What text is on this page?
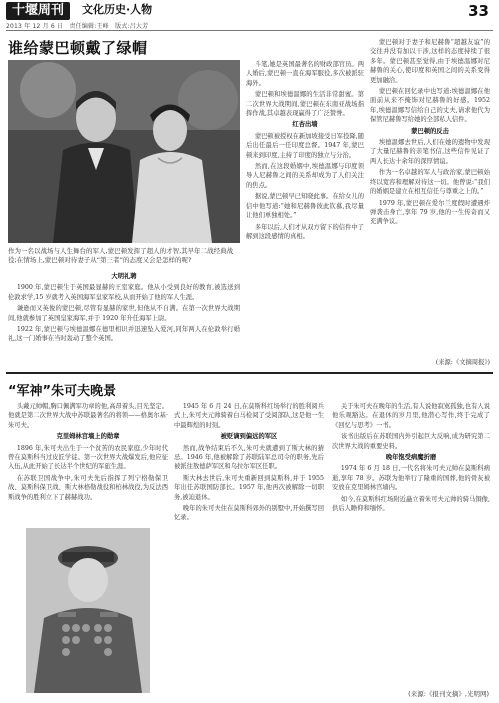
十堰周刊	文化历史·人物
2013 年 12 月 6 日　责任编辑:王峰　版式:吕大芳
33
谁给蒙巴顿戴了绿帽
作为一名以战场与人生舞台的军人,蒙巴顿发挥了超人的才智,其早年二战经典战役;在情场上,蒙巴顿对待妻子从“第三者”的态度又会是怎样的呢?
大明礼聘

1900 年,蒙巴顿生于英国最显赫的王室家庭。他从小受到良好的教育,被选送到伦敦求学,15 岁就考入英国海军皇家军校,从而开始了他的军人生涯。

谦逊而又英俊的蒙巴顿,尽管有显赫的家世,但他从不自满。在第一次世界大战期间,他就参加了英国皇家海军,并于 1920 年升任海军上尉。

1922 年,蒙巴顿与埃德温娜在德里相识并迅速坠入爱河,同年两人在伦敦举行婚礼,这一门婚事在当时轰动了整个英国。

斗笔,她是英国最著名的财政部官员。两人婚后,蒙巴顿一直在海军服役,多次被派驻海外。

蒙巴顿和埃德温娜的生活非常甜蜜。第二次世界大战期间,蒙巴顿在东南亚战场指挥作战,其卓越表现赢得了广泛赞誉。

红杏出墙

蒙巴顿被授权在新加坡接受日军投降,随后出任最后一任印度总督。1947 年,蒙巴顿来到印度,主持了印度的独立与分治。

然而,在这段婚姻中,埃德温娜与印度领导人尼赫鲁之间的关系却成为了人们关注的焦点。

据说,蒙巴顿早已知晓此事。在给女儿的信中他写道:“她和尼赫鲁彼此钦慕,我尽量让他们单独相处。”

多年以后,人们才从双方留下的信件中了解到这段感情的真相。

蒙巴顿对于妻子和尼赫鲁“超越友谊”的交往并没有加以干涉,这样的态度持续了很多年。蒙巴顿甚至觉得,由于埃德温娜对尼赫鲁的关心,使印度和英国之间的关系变得更加融洽。

蒙巴顿在回忆录中也写道:埃德温娜在他面前从来不掩饰对尼赫鲁的好感。1952 年,埃德温娜写信给自己的丈夫,请求他代为保管尼赫鲁写给她的全部私人信件。

蒙巴顿的反击

埃德温娜去世后,人们在她的遗物中发现了大量尼赫鲁的亲笔书信,这些信件见证了两人长达十余年的深厚情谊。

作为一名卓越的军人与政治家,蒙巴顿始终以宽容和理解对待这一切。他曾说:“我们的婚姻是建立在相互信任与尊重之上的。”

1979 年,蒙巴顿在爱尔兰度假时遭遇炸弹袭击身亡,享年 79 岁,他的一生传奇而又充满争议。

(来源:《文摘周报》)
“军神”朱可夫晚景

头戴元帅帽,胸口佩满军功章的他,高昂着头,目光坚定。他就是第二次世界大战中苏联最著名的将领——格奥尔基·朱可夫。

克里姆林宫墙上的勋章

1896 年,朱可夫出生于一个贫苦的农民家庭,少年时代曾在莫斯科当过皮匠学徒。第一次世界大战爆发后,他应征入伍,从此开始了长达半个世纪的军旅生涯。

在苏联卫国战争中,朱可夫先后指挥了列宁格勒保卫战、莫斯科保卫战、斯大林格勒战役和柏林战役,为反法西斯战争的胜利立下了赫赫战功。

1945 年 6 月 24 日,在莫斯科红场举行的胜利阅兵式上,朱可夫元帅骑着白马检阅了受阅部队,这是他一生中最辉煌的时刻。

被贬谪到偏远的军区

然而,战争结束后不久,朱可夫就遭到了斯大林的猜忌。1946 年,他被解除了苏联陆军总司令的职务,先后被派往敖德萨军区和乌拉尔军区任职。

斯大林去世后,朱可夫重新回到莫斯科,并于 1955 年出任苏联国防部长。1957 年,他再次被解除一切职务,被迫退休。

晚年的朱可夫住在莫斯科郊外的别墅中,开始撰写回忆录。

关于朱可夫在晚年的生活,有人说他寂寞孤独,也有人说他乐观豁达。在退休的岁月里,他潜心写作,终于完成了《回忆与思考》一书。

该书出版后在苏联国内外引起巨大反响,成为研究第二次世界大战的重要史料。

晚年饱受病魔折磨

1974 年 6 月 18 日,一代名将朱可夫元帅在莫斯科病逝,享年 78 岁。苏联为他举行了隆重的国葬,他的骨灰被安放在克里姆林宫墙内。

如今,在莫斯科红场附近矗立着朱可夫元帅的骑马铜像,供后人瞻仰和缅怀。

(来源:《报刊文摘》,光明网)
